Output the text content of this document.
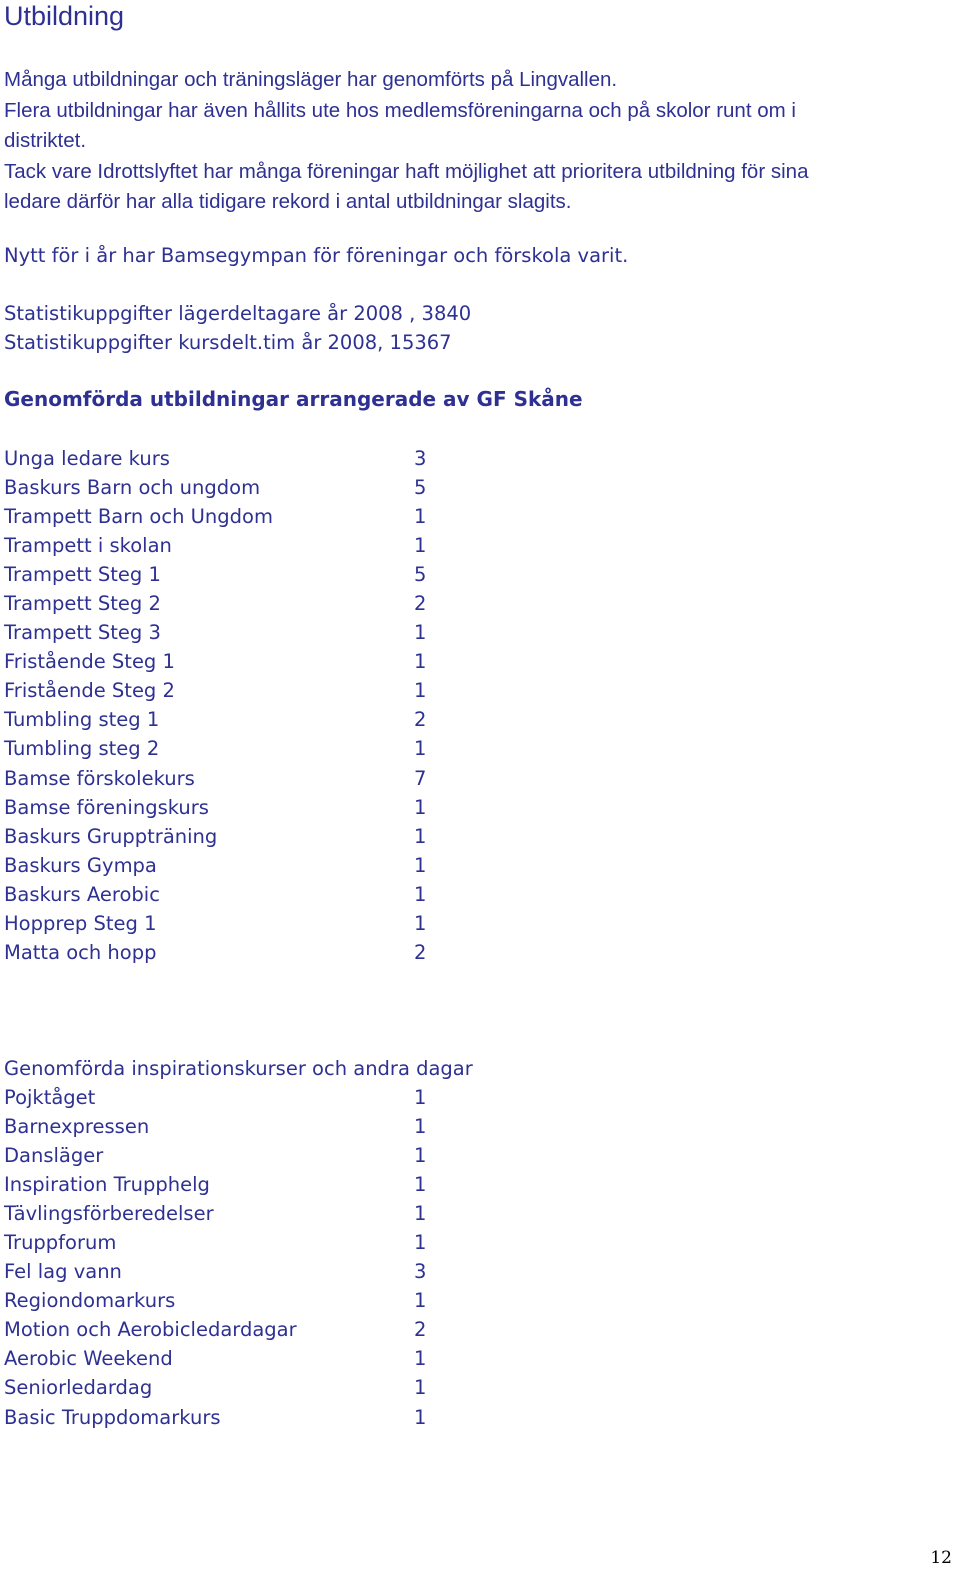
Utbildning

Många utbildningar och träningsläger har genomförts på Lingvallen.
Flera utbildningar har även hållits ute hos medlemsföreningarna och på skolor runt om i
distriktet.
Tack vare Idrottslyftet har många föreningar haft möjlighet att prioritera utbildning för sina
ledare därför har alla tidigare rekord i antal utbildningar slagits.

Nytt för i år har Bamsegympan för föreningar och förskola varit.

Statistikuppgifter lägerdeltagare år 2008 , 3840
Statistikuppgifter kursdelt.tim år 2008, 15367

Genomförda utbildningar arrangerade av GF Skåne
Unga ledare kurs	3
Baskurs Barn och ungdom	5
Trampett Barn och Ungdom	1
Trampett i skolan	1
Trampett Steg 1	5
Trampett Steg 2	2
Trampett Steg 3	1
Fristående Steg 1	1
Fristående Steg 2	1
Tumbling steg 1	2
Tumbling steg 2	1
Bamse förskolekurs	7
Bamse föreningskurs	1
Baskurs Gruppträning	1
Baskurs Gympa	1
Baskurs Aerobic	1
Hopprep Steg 1	1
Matta och hopp	2
Genomförda inspirationskurser och andra dagar
Pojktåget	1
Barnexpressen	1
Dansläger	1
Inspiration Trupphelg	1
Tävlingsförberedelser	1
Truppforum	1
Fel lag vann	3
Regiondomarkurs	1
Motion och Aerobicledardagar	2
Aerobic Weekend	1
Seniorledardag	1
Basic Truppdomarkurs	1
12
